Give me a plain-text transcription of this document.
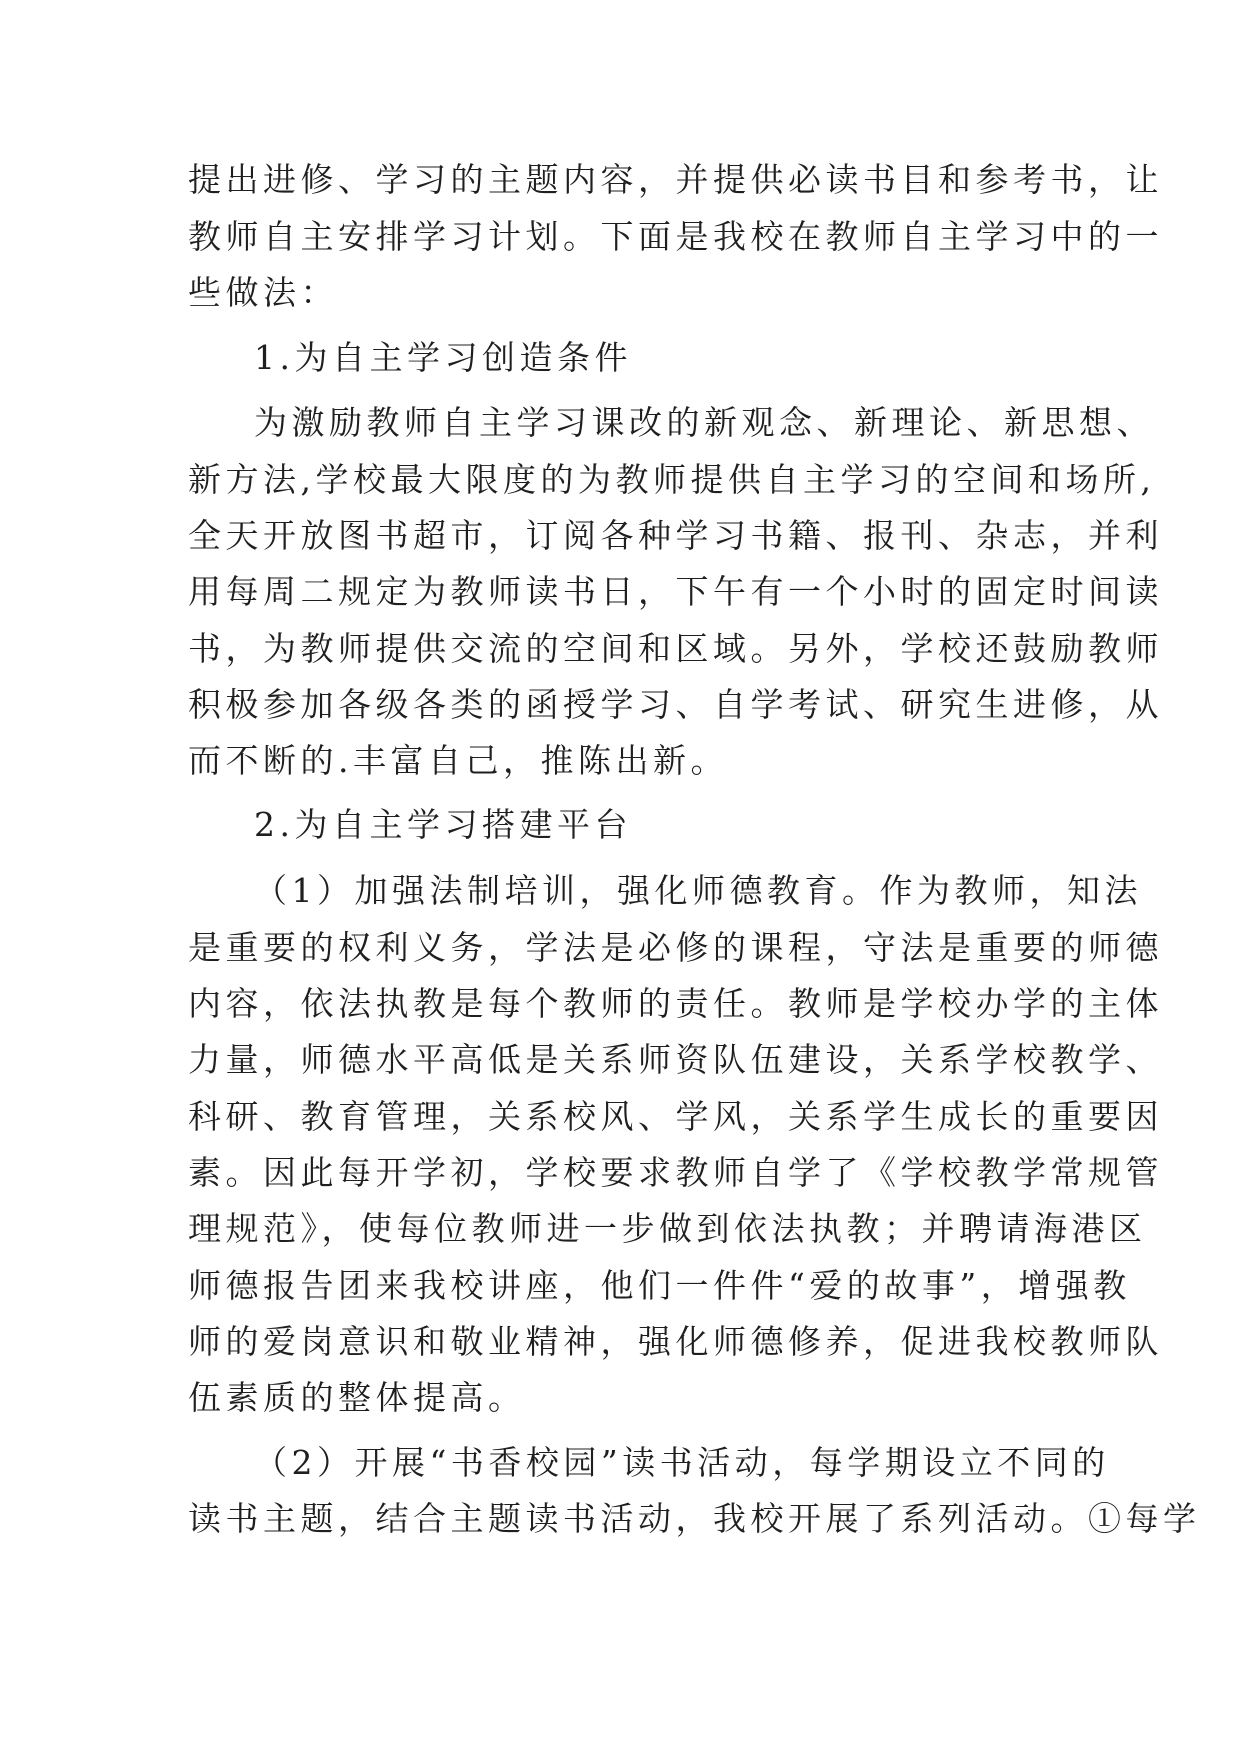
提出进修、学习的主题内容，并提供必读书目和参考书，让
教师自主安排学习计划。下面是我校在教师自主学习中的一
些做法：
1.为自主学习创造条件
为激励教师自主学习课改的新观念、新理论、新思想、
新方法,学校最大限度的为教师提供自主学习的空间和场所,
全天开放图书超市，订阅各种学习书籍、报刊、杂志，并利
用每周二规定为教师读书日，下午有一个小时的固定时间读
书，为教师提供交流的空间和区域。另外，学校还鼓励教师
积极参加各级各类的函授学习、自学考试、研究生进修，从
而不断的.丰富自己，推陈出新。
2.为自主学习搭建平台
（1）加强法制培训，强化师德教育。作为教师，知法
是重要的权利义务，学法是必修的课程，守法是重要的师德
内容，依法执教是每个教师的责任。教师是学校办学的主体
力量，师德水平高低是关系师资队伍建设，关系学校教学、
科研、教育管理，关系校风、学风，关系学生成长的重要因
素。因此每开学初，学校要求教师自学了《学校教学常规管
理规范》，使每位教师进一步做到依法执教；并聘请海港区
师德报告团来我校讲座，他们一件件“爱的故事”，增强教
师的爱岗意识和敬业精神，强化师德修养，促进我校教师队
伍素质的整体提高。
（2）开展“书香校园”读书活动，每学期设立不同的
读书主题，结合主题读书活动，我校开展了系列活动。①每学
